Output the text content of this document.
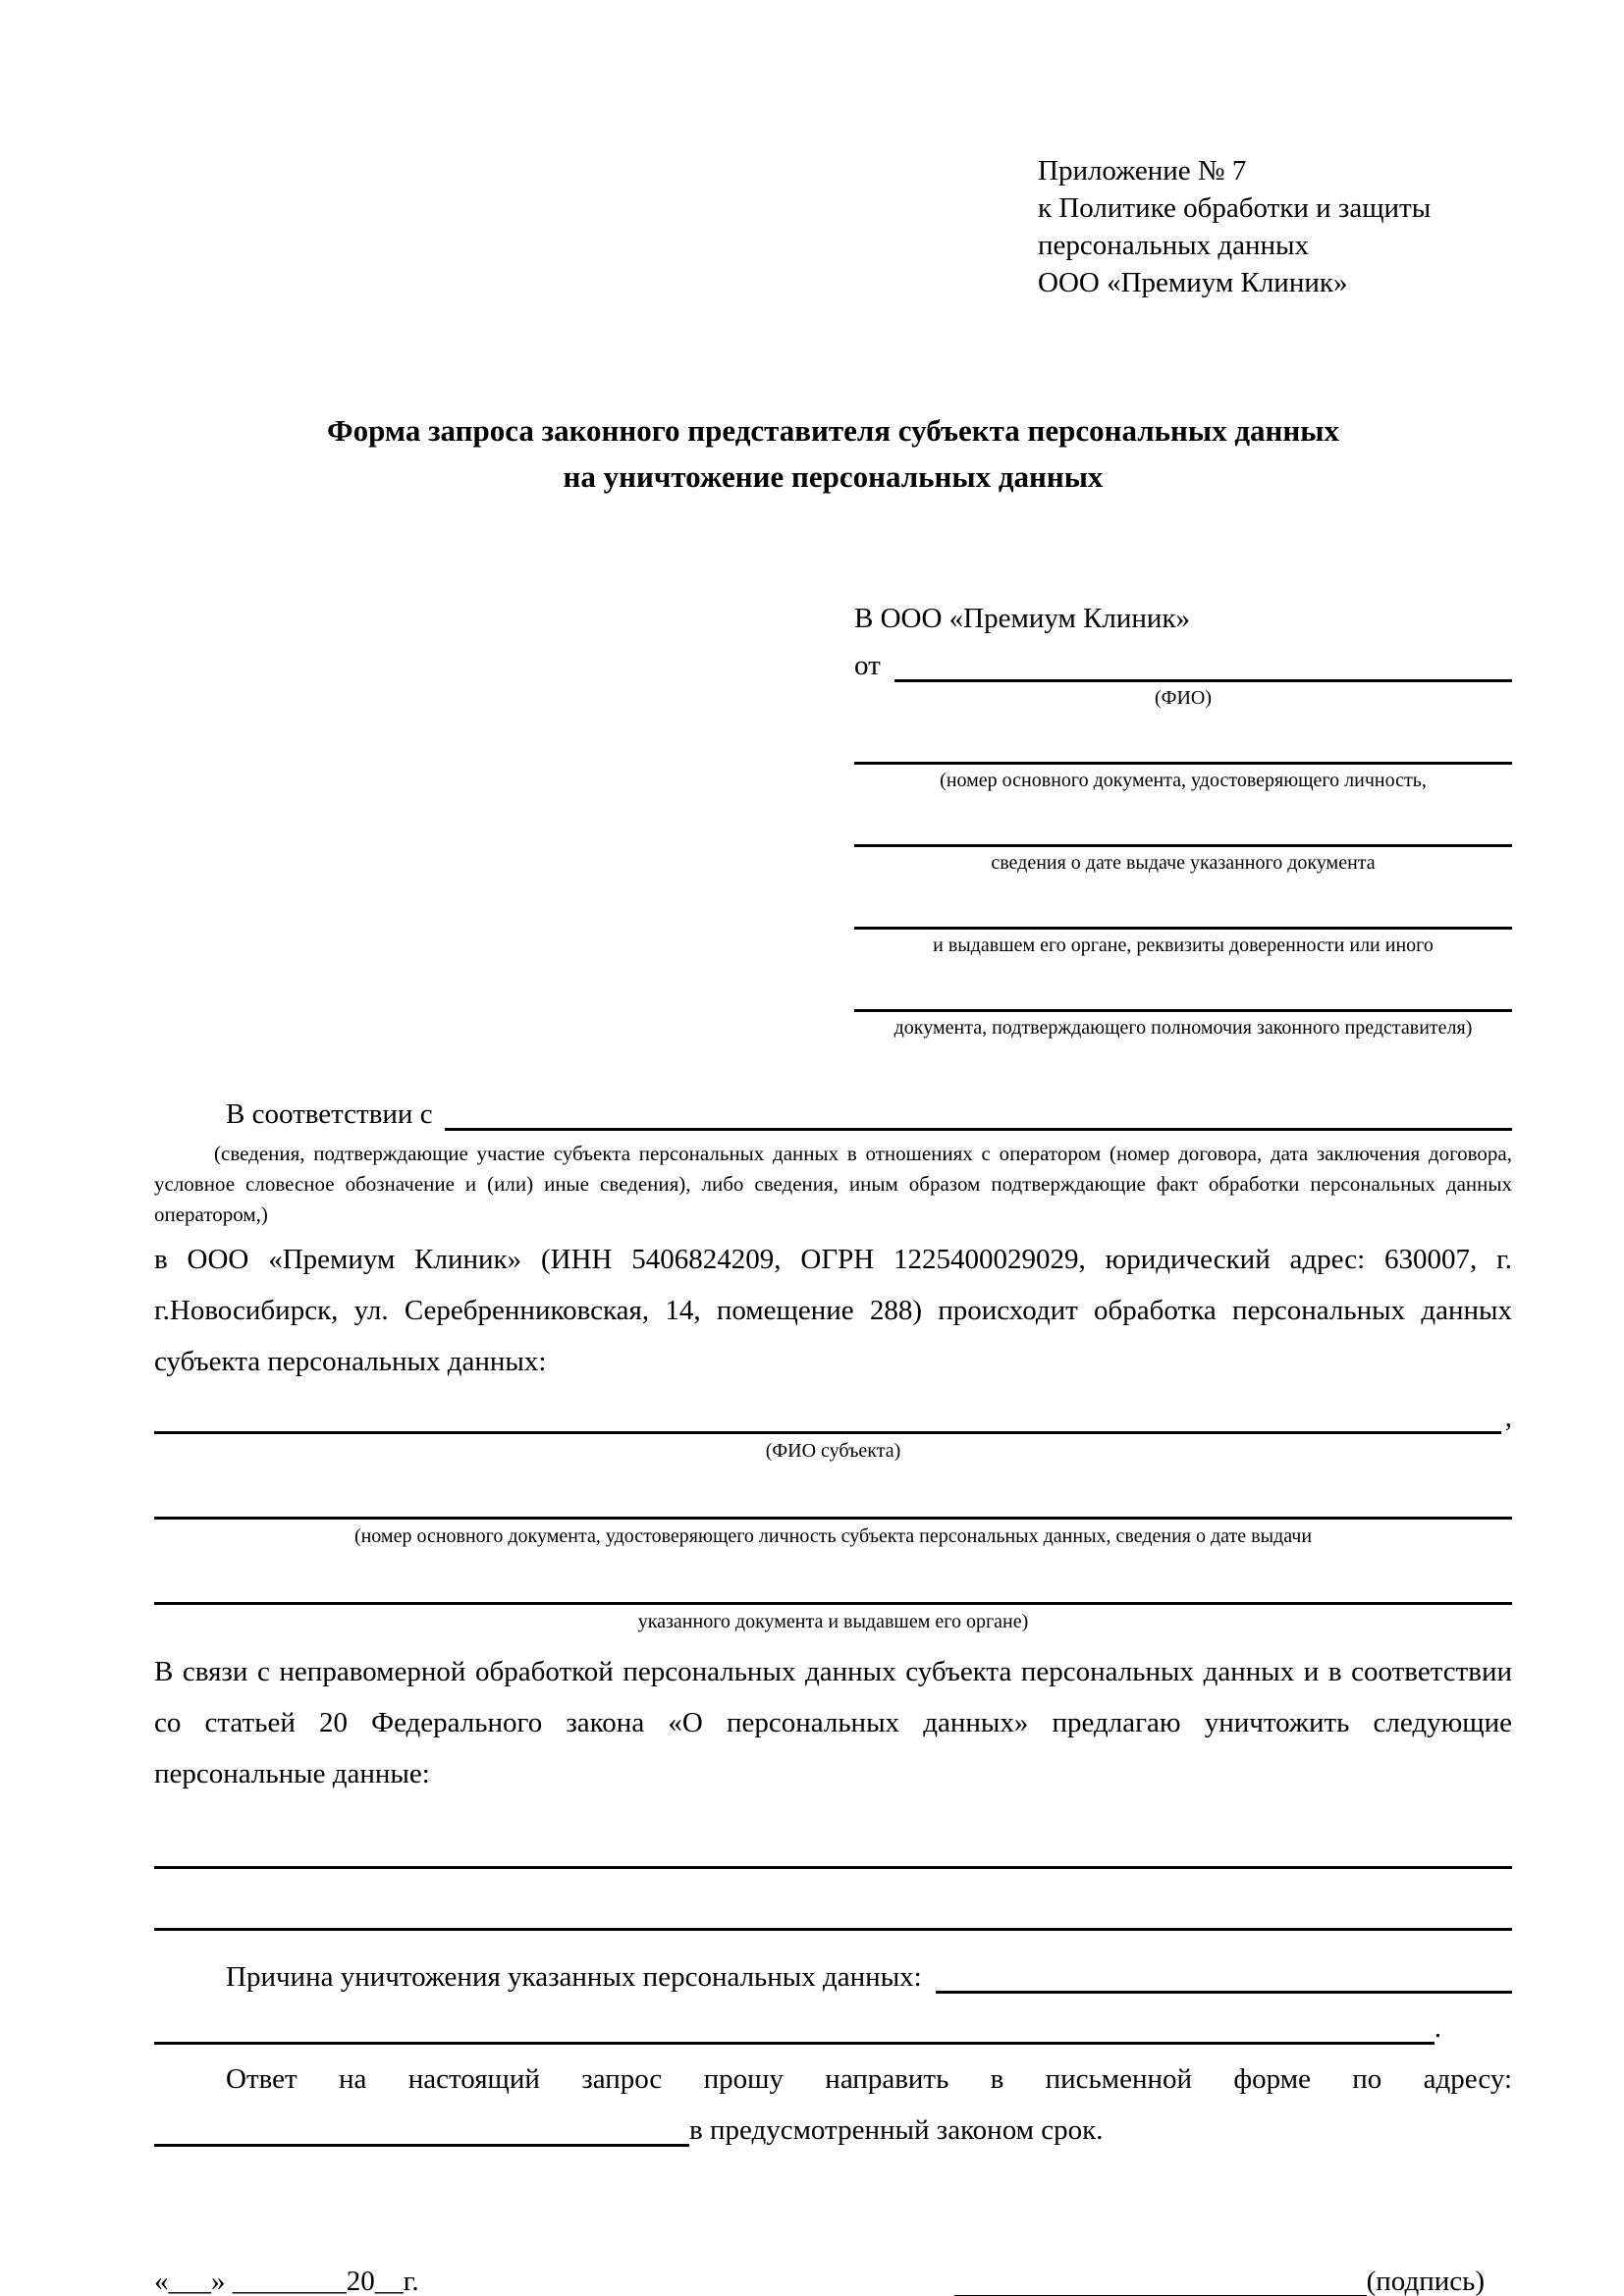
Приложение № 7
к Политике обработки и защиты
персональных данных
ООО «Премиум Клиник»
Форма запроса законного представителя субъекта персональных данных
на уничтожение персональных данных
В ООО «Премиум Клиник»
от
(ФИО)
(номер основного документа, удостоверяющего личность,
сведения о дате выдаче указанного документа
и выдавшем его органе, реквизиты доверенности или иного
документа, подтверждающего полномочия законного представителя)
В соответствии с
(сведения, подтверждающие участие субъекта персональных данных в отношениях с оператором (номер договора, дата заключения договора, условное словесное обозначение и (или) иные сведения), либо сведения, иным образом подтверждающие факт обработки персональных данных оператором,)
в ООО «Премиум Клиник» (ИНН 5406824209, ОГРН 1225400029029, юридический адрес: 630007, г. г.Новосибирск, ул. Серебренниковская, 14, помещение 288) происходит обработка персональных данных субъекта персональных данных:
,
(ФИО субъекта)
(номер основного документа, удостоверяющего личность субъекта персональных данных, сведения о дате выдачи
указанного документа и выдавшем его органе)
В связи с неправомерной обработкой персональных данных субъекта персональных данных и в соответствии со статьей 20 Федерального закона «О персональных данных» предлагаю уничтожить следующие персональные данные:
Причина уничтожения указанных персональных данных:
.
Ответ на настоящий запрос прошу направить в письменной форме по адресу:
в предусмотренный законом срок.
«___» ________20__г.	(подпись)
